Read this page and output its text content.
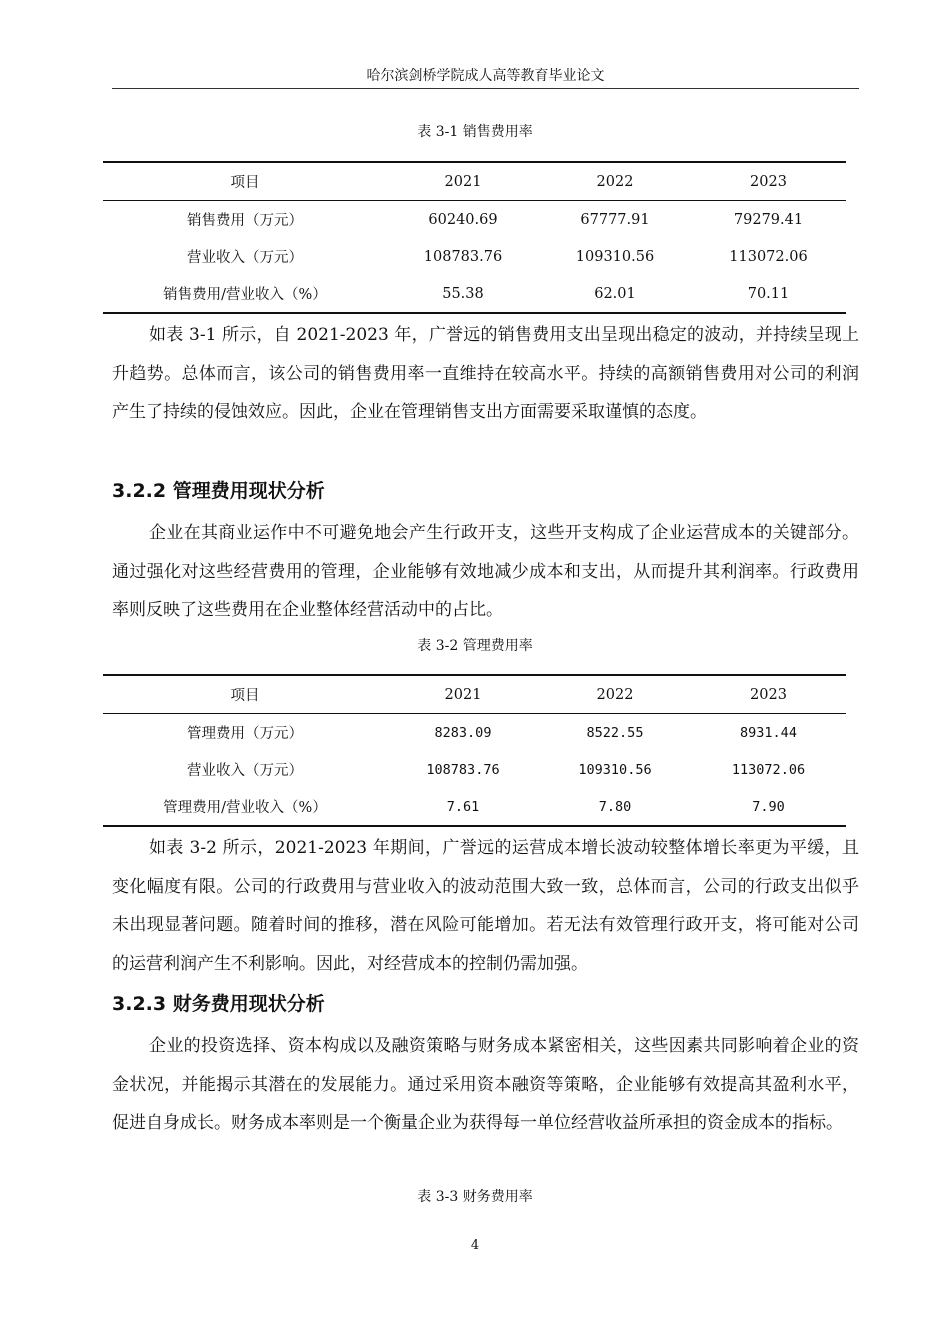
哈尔滨剑桥学院成人高等教育毕业论文
表 3-1 销售费用率
项目	2021	2022	2023
销售费用（万元）	60240.69	67777.91	79279.41
营业收入（万元）	108783.76	109310.56	113072.06
销售费用/营业收入（%）	55.38	62.01	70.11

如表 3-1 所示，自 2021-2023 年，广誉远的销售费用支出呈现出稳定的波动，并持续呈现上升趋势。总体而言，该公司的销售费用率一直维持在较高水平。持续的高额销售费用对公司的利润产生了持续的侵蚀效应。因此，企业在管理销售支出方面需要采取谨慎的态度。

3.2.2 管理费用现状分析

企业在其商业运作中不可避免地会产生行政开支，这些开支构成了企业运营成本的关键部分。通过强化对这些经营费用的管理，企业能够有效地减少成本和支出，从而提升其利润率。行政费用率则反映了这些费用在企业整体经营活动中的占比。

表 3-2 管理费用率
项目	2021	2022	2023
管理费用（万元）	8283.09	8522.55	8931.44
营业收入（万元）	108783.76	109310.56	113072.06
管理费用/营业收入（%）	7.61	7.80	7.90

如表 3-2 所示，2021-2023 年期间，广誉远的运营成本增长波动较整体增长率更为平缓，且变化幅度有限。公司的行政费用与营业收入的波动范围大致一致，总体而言，公司的行政支出似乎未出现显著问题。随着时间的推移，潜在风险可能增加。若无法有效管理行政开支，将可能对公司的运营利润产生不利影响。因此，对经营成本的控制仍需加强。

3.2.3 财务费用现状分析

企业的投资选择、资本构成以及融资策略与财务成本紧密相关，这些因素共同影响着企业的资金状况，并能揭示其潜在的发展能力。通过采用资本融资等策略，企业能够有效提高其盈利水平，促进自身成长。财务成本率则是一个衡量企业为获得每一单位经营收益所承担的资金成本的指标。

表 3-3 财务费用率
4
